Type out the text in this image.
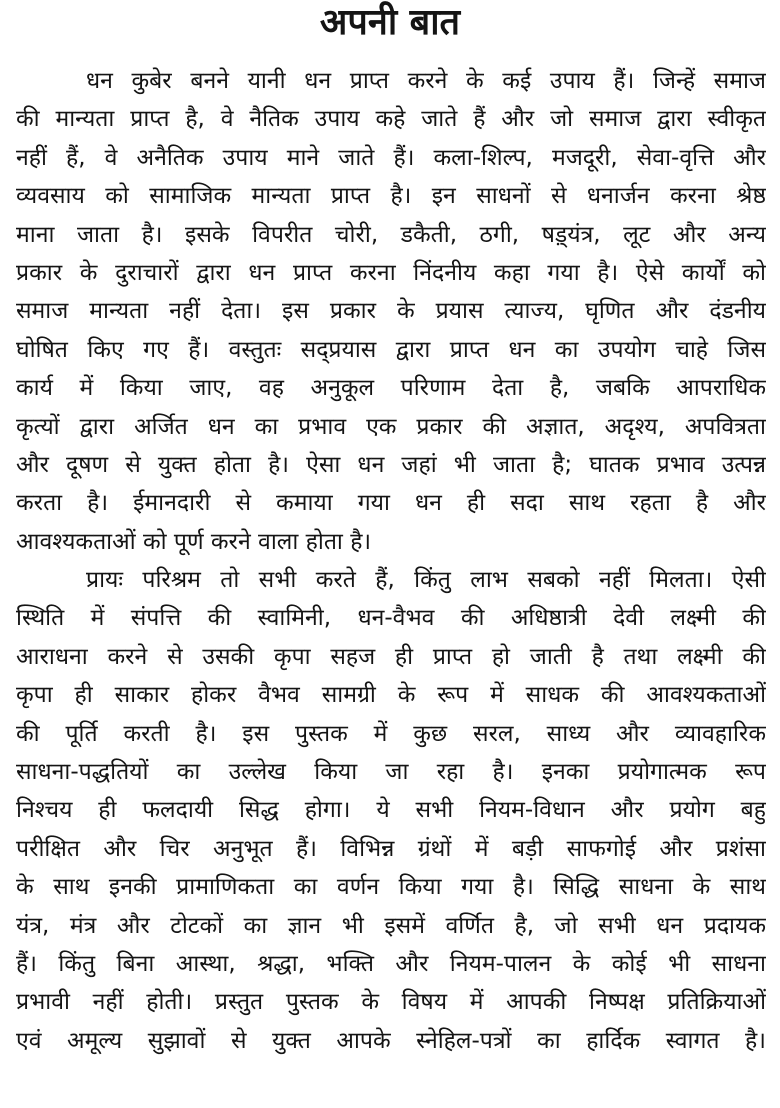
अपनी बात
धन कुबेर बनने यानी धन प्राप्त करने के कई उपाय हैं। जिन्हें समाज
की मान्यता प्राप्त है, वे नैतिक उपाय कहे जाते हैं और जो समाज द्वारा स्वीकृत
नहीं हैं, वे अनैतिक उपाय माने जाते हैं। कला-शिल्प, मजदूरी, सेवा-वृत्ति और
व्यवसाय को सामाजिक मान्यता प्राप्त है। इन साधनों से धनार्जन करना श्रेष्ठ
माना जाता है। इसके विपरीत चोरी, डकैती, ठगी, षड़्यंत्र, लूट और अन्य
प्रकार के दुराचारों द्वारा धन प्राप्त करना निंदनीय कहा गया है। ऐसे कार्यों को
समाज मान्यता नहीं देता। इस प्रकार के प्रयास त्याज्य, घृणित और दंडनीय
घोषित किए गए हैं। वस्तुतः सद्‌प्रयास द्वारा प्राप्त धन का उपयोग चाहे जिस
कार्य में किया जाए, वह अनुकूल परिणाम देता है, जबकि आपराधिक
कृत्यों द्वारा अर्जित धन का प्रभाव एक प्रकार की अज्ञात, अदृश्य, अपवित्रता
और दूषण से युक्त होता है। ऐसा धन जहां भी जाता है; घातक प्रभाव उत्पन्न
करता है। ईमानदारी से कमाया गया धन ही सदा साथ रहता है और
आवश्यकताओं को पूर्ण करने वाला होता है।
प्रायः परिश्रम तो सभी करते हैं, किंतु लाभ सबको नहीं मिलता। ऐसी
स्थिति में संपत्ति की स्वामिनी, धन-वैभव की अधिष्ठात्री देवी लक्ष्मी की
आराधना करने से उसकी कृपा सहज ही प्राप्त हो जाती है तथा लक्ष्मी की
कृपा ही साकार होकर वैभव सामग्री के रूप में साधक की आवश्यकताओं
की पूर्ति करती है। इस पुस्तक में कुछ सरल, साध्य और व्यावहारिक
साधना-पद्धतियों का उल्लेख किया जा रहा है। इनका प्रयोगात्मक रूप
निश्चय ही फलदायी सिद्ध होगा। ये सभी नियम-विधान और प्रयोग बहु
परीक्षित और चिर अनुभूत हैं। विभिन्न ग्रंथों में बड़ी साफगोई और प्रशंसा
के साथ इनकी प्रामाणिकता का वर्णन किया गया है। सिद्धि साधना के साथ
यंत्र, मंत्र और टोटकों का ज्ञान भी इसमें वर्णित है, जो सभी धन प्रदायक
हैं। किंतु बिना आस्था, श्रद्धा, भक्ति और नियम-पालन के कोई भी साधना
प्रभावी नहीं होती। प्रस्तुत पुस्तक के विषय में आपकी निष्पक्ष प्रतिक्रियाओं
एवं अमूल्य सुझावों से युक्त आपके स्नेहिल-पत्रों का हार्दिक स्वागत है।
